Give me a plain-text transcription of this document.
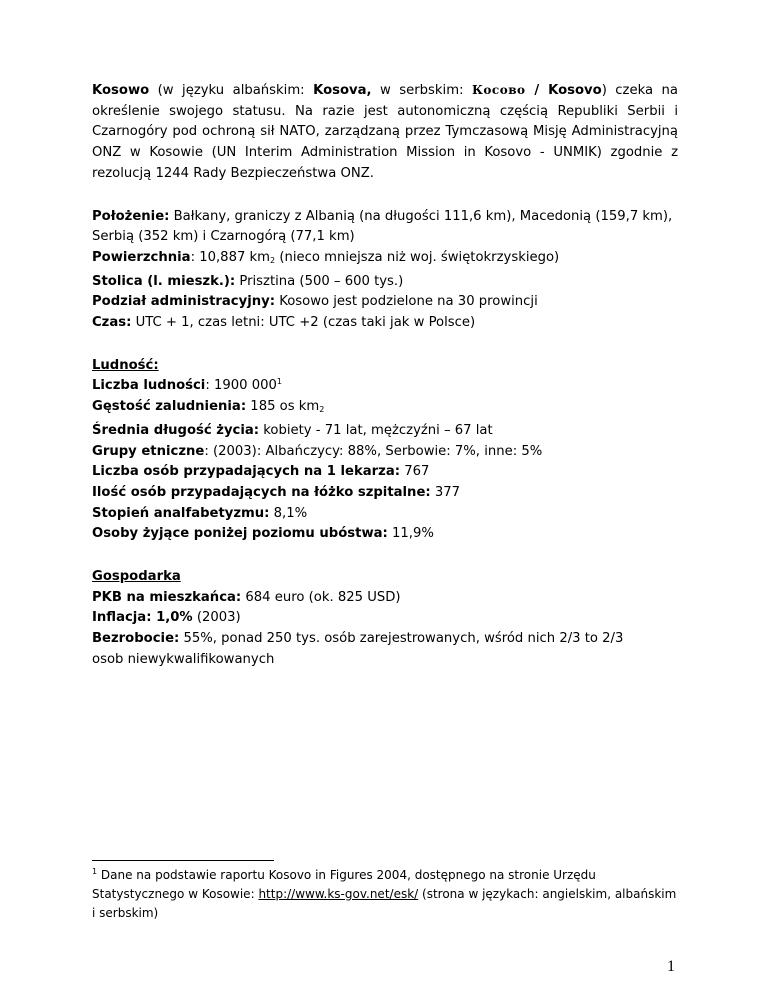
Kosowo (w języku albańskim: Kosova, w serbskim: Косово / Kosovo) czeka na określenie swojego statusu. Na razie jest autonomiczną częścią Republiki Serbii i Czarnogóry pod ochroną sił NATO, zarządzaną przez Tymczasową Misję Administracyjną ONZ w Kosowie (UN Interim Administration Mission in Kosovo - UNMIK) zgodnie z rezolucją 1244 Rady Bezpieczeństwa ONZ.

Położenie: Bałkany, graniczy z Albanią (na długości 111,6 km), Macedonią (159,7 km),
Serbią (352 km) i Czarnogórą (77,1 km)
Powierzchnia: 10,887 km2 (nieco mniejsza niż woj. świętokrzyskiego)
Stolica (l. mieszk.): Prisztina (500 – 600 tys.)
Podział administracyjny: Kosowo jest podzielone na 30 prowincji
Czas: UTC + 1, czas letni: UTC +2 (czas taki jak w Polsce)
Ludność:
Liczba ludności: 1900 $000^1$
Gęstość zaludnienia: 185 os km2
Średnia długość życia: kobiety - 71 lat, mężczyźni – 67 lat
Grupy etniczne: (2003): Albańczycy: 88%, Serbowie: 7%, inne: 5%
Liczba osób przypadających na 1 lekarza: 767
Ilość osób przypadających na łóżko szpitalne: 377
Stopień analfabetyzmu: 8,1%
Osoby żyjące poniżej poziomu ubóstwa: 11,9%
Gospodarka
PKB na mieszkańca: 684 euro (ok. 825 USD)
Inflacja: 1,0% (2003)
Bezrobocie: 55%, ponad 250 tys. osób zarejestrowanych, wśród nich 2/3 to 2/3 osob niewykwalifikowanych
$^1$ Dane na podstawie raportu Kosovo in Figures 2004, dostępnego na stronie Urzędu Statystycznego w Kosowie: http://www.ks-gov.net/esk/ (strona w językach: angielskim, albańskim i serbskim)
1
